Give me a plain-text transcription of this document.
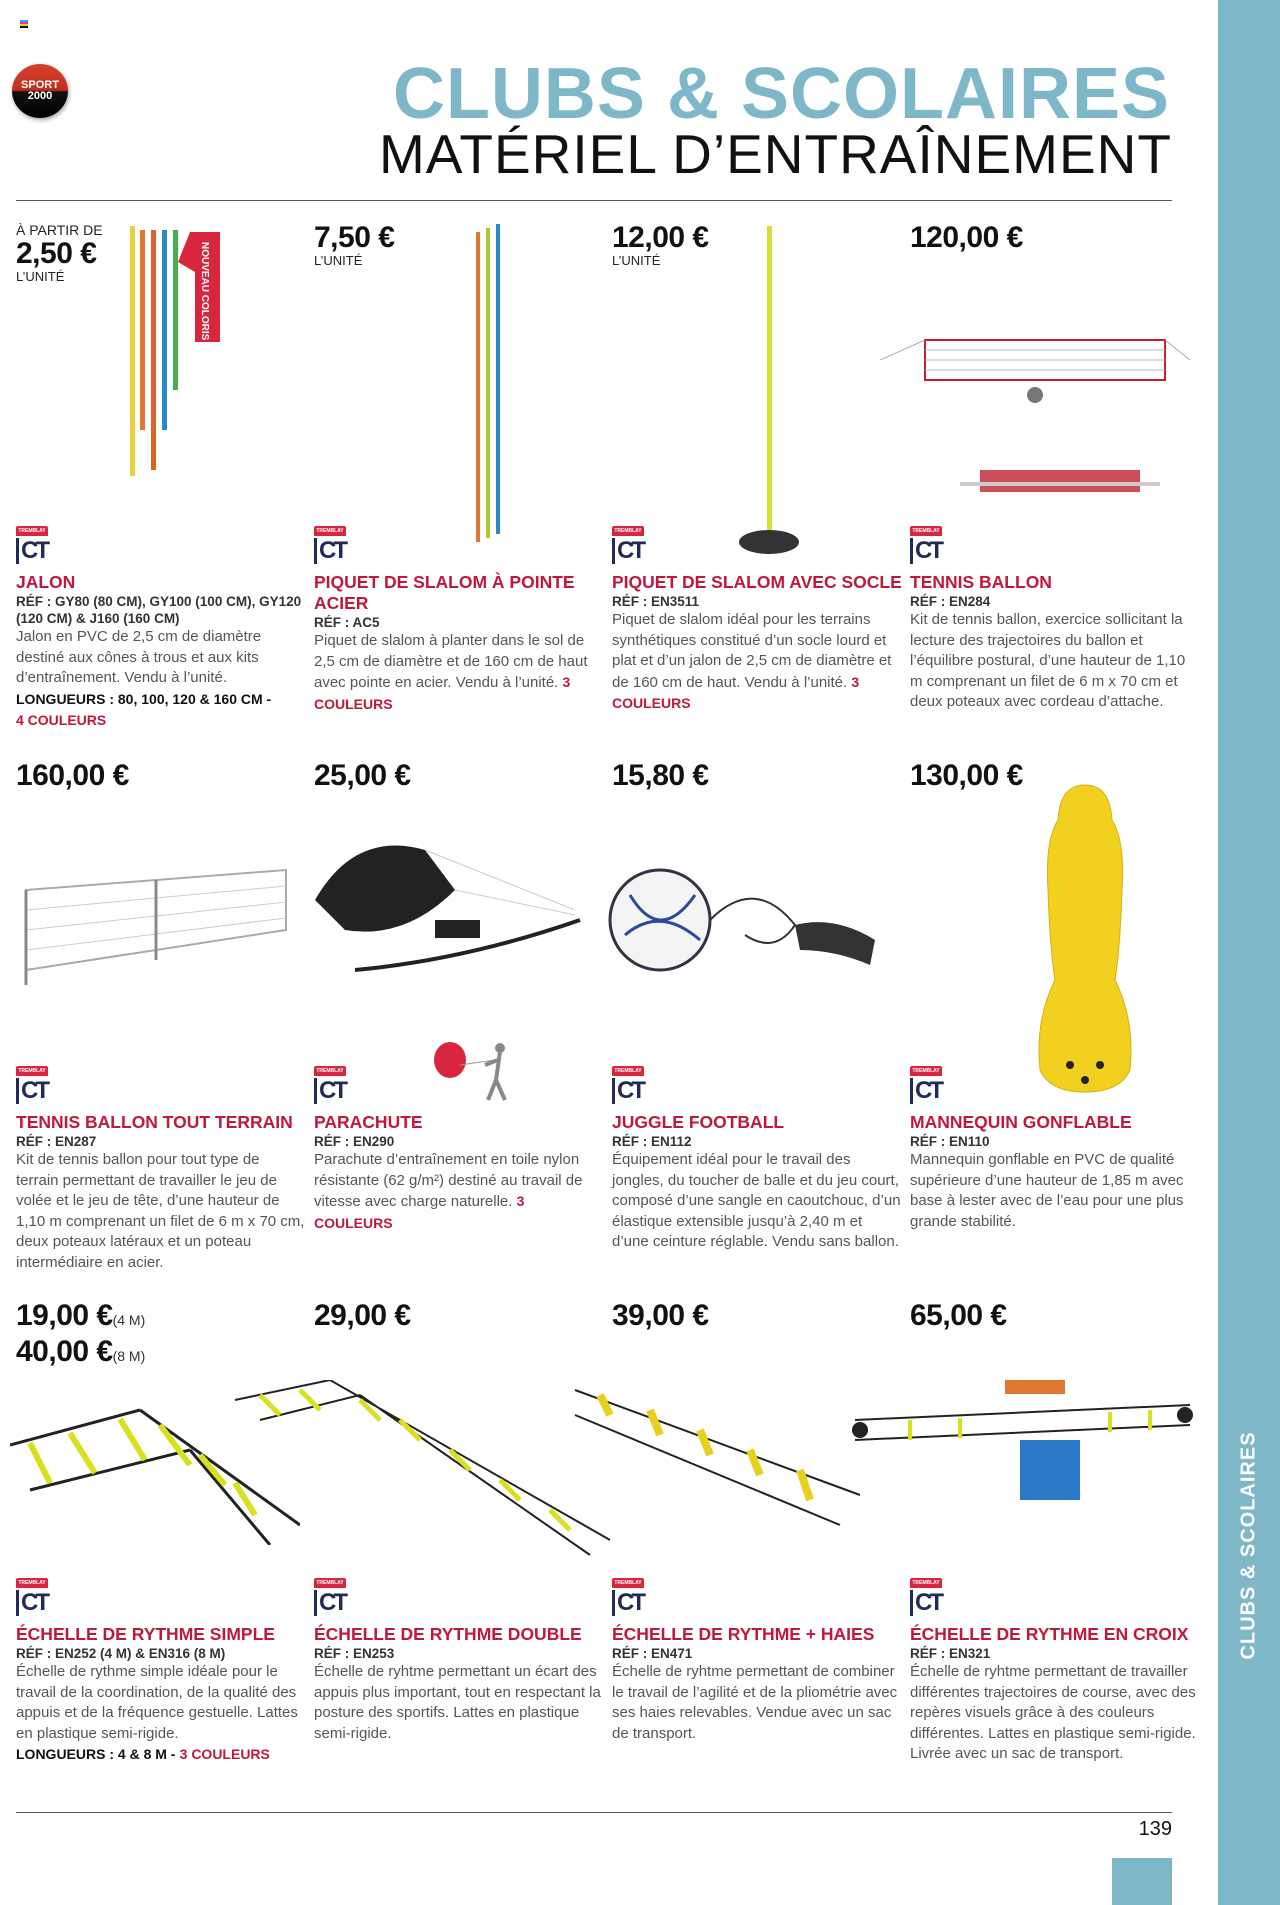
SPORT
2000	CLUBS & SCOLAIRES
MATÉRIEL D’ENTRAÎNEMENT
CLUBS & SCOLAIRES
NOUVEAU COLORIS
À PARTIR DE
2,50 €
L’UNITÉ
7,50 €
L’UNITÉ
12,00 €
L’UNITÉ
120,00 €
TREMBLAY
CT
JALON
RÉF : GY80 (80 CM), GY100 (100 CM), GY120 (120 CM) & J160 (160 CM)
Jalon en PVC de 2,5 cm de diamètre destiné aux cônes à trous et aux kits d’entraînement. Vendu à l’unité.
LONGUEURS : 80, 100, 120 & 160 CM -
4 COULEURS
TREMBLAY
CT
PIQUET DE SLALOM À POINTE ACIER
RÉF : AC5
Piquet de slalom à planter dans le sol de 2,5 cm de diamètre et de 160 cm de haut avec pointe en acier. Vendu à l’unité. 3 COULEURS
TREMBLAY
CT
PIQUET DE SLALOM AVEC SOCLE
RÉF : EN3511
Piquet de slalom idéal pour les terrains synthétiques constitué d’un socle lourd et plat et d’un jalon de 2,5 cm de diamètre et de 160 cm de haut. Vendu à l’unité. 3 COULEURS
TREMBLAY
CT
TENNIS BALLON
RÉF : EN284
Kit de tennis ballon, exercice sollicitant la lecture des trajectoires du ballon et l’équilibre postural, d’une hauteur de 1,10 m comprenant un filet de 6 m x 70 cm et deux poteaux avec cordeau d’attache.
160,00 €	25,00 €	15,80 €	130,00 €
TREMBLAY
CT
TENNIS BALLON TOUT TERRAIN
RÉF : EN287
Kit de tennis ballon pour tout type de terrain permettant de travailler le jeu de volée et le jeu de tête, d’une hauteur de 1,10 m comprenant un filet de 6 m x 70 cm, deux poteaux latéraux et un poteau intermédiaire en acier.
TREMBLAY
CT
PARACHUTE
RÉF : EN290
Parachute d’entraînement en toile nylon résistante (62 g/m²) destiné au travail de vitesse avec charge naturelle. 3 COULEURS
TREMBLAY
CT
JUGGLE FOOTBALL
RÉF : EN112
Équipement idéal pour le travail des jongles, du toucher de balle et du jeu court, composé d’une sangle en caoutchouc, d’un élastique extensible jusqu’à 2,40 m et d’une ceinture réglable. Vendu sans ballon.
TREMBLAY
CT
MANNEQUIN GONFLABLE
RÉF : EN110
Mannequin gonflable en PVC de qualité supérieure d’une hauteur de 1,85 m avec base à lester avec de l’eau pour une plus grande stabilité.
19,00 €(4 M)
40,00 €(8 M)
29,00 €	39,00 €	65,00 €
TREMBLAY
CT
ÉCHELLE DE RYTHME SIMPLE
RÉF : EN252 (4 M) & EN316 (8 M)
Échelle de rythme simple idéale pour le travail de la coordination, de la qualité des appuis et de la fréquence gestuelle. Lattes en plastique semi-rigide.
LONGUEURS : 4 & 8 M - 3 COULEURS
TREMBLAY
CT
ÉCHELLE DE RYTHME DOUBLE
RÉF : EN253
Échelle de ryhtme permettant un écart des appuis plus important, tout en respectant la posture des sportifs. Lattes en plastique semi-rigide.
TREMBLAY
CT
ÉCHELLE DE RYTHME + HAIES
RÉF : EN471
Échelle de ryhtme permettant de combiner le travail de l’agilité et de la pliométrie avec ses haies relevables. Vendue avec un sac de transport.
TREMBLAY
CT
ÉCHELLE DE RYTHME EN CROIX
RÉF : EN321
Échelle de ryhtme permettant de travailler différentes trajectoires de course, avec des repères visuels grâce à des couleurs différentes. Lattes en plastique semi-rigide. Livrée avec un sac de transport.
139
